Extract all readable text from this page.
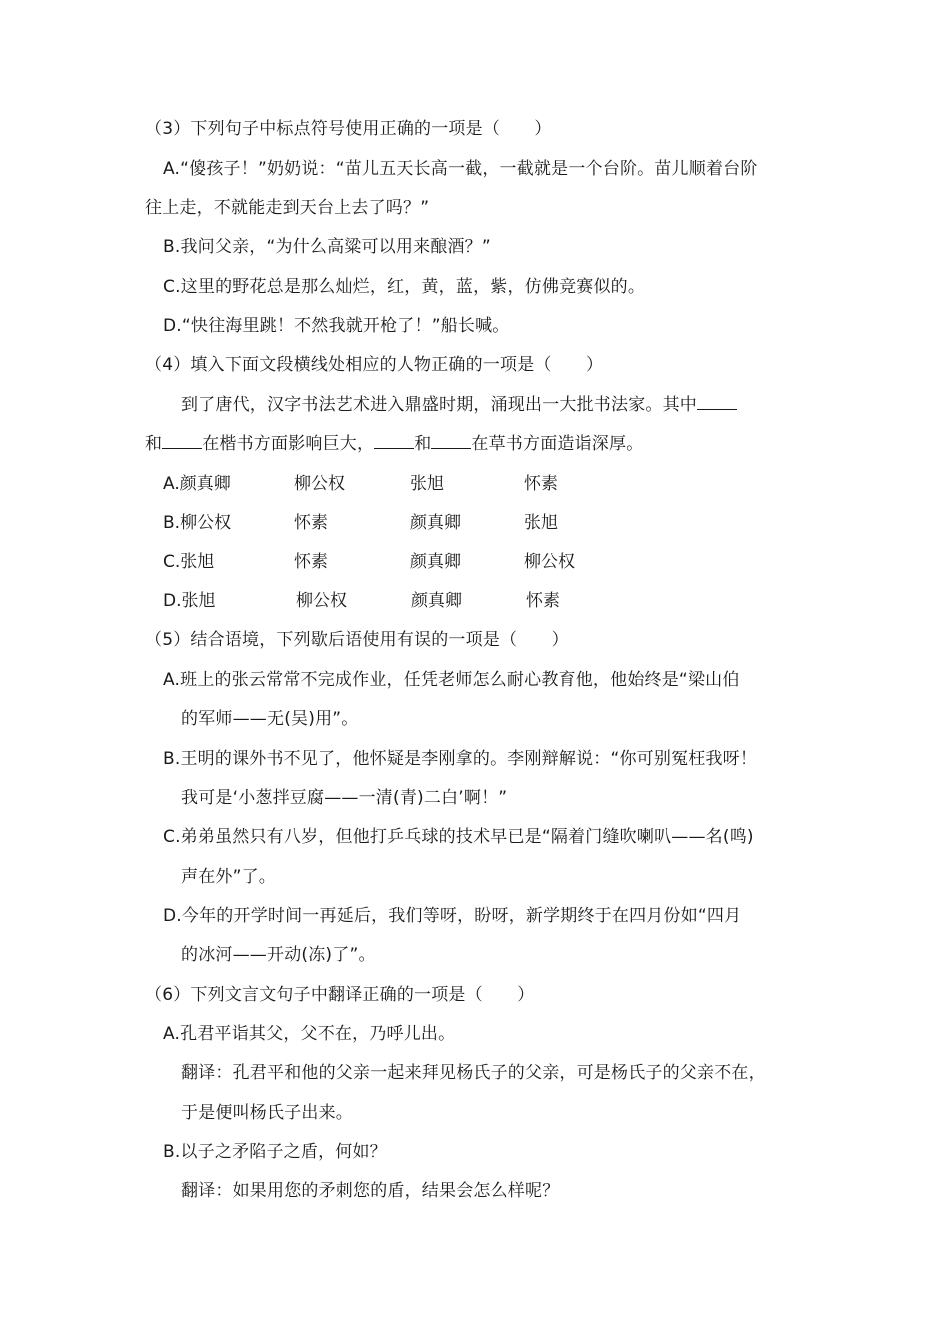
（3）下列句子中标点符号使用正确的一项是（　　）
A.“傻孩子！”奶奶说：“苗儿五天长高一截，一截就是一个台阶。苗儿顺着台阶
往上走，不就能走到天台上去了吗？”
B.我问父亲，“为什么高粱可以用来酿酒？”
C.这里的野花总是那么灿烂，红，黄，蓝，紫，仿佛竞赛似的。
D.“快往海里跳！不然我就开枪了！”船长喊。
（4）填入下面文段横线处相应的人物正确的一项是（　　）
到了唐代，汉字书法艺术进入鼎盛时期，涌现出一大批书法家。其中
和 在楷书方面影响巨大， 和 在草书方面造诣深厚。
A.颜真卿	柳公权	张旭	怀素
B.柳公权	怀素	颜真卿	张旭
C.张旭	怀素	颜真卿	柳公权
D.张旭	柳公权	颜真卿	怀素
（5）结合语境，下列歇后语使用有误的一项是（　　）
A.班上的张云常常不完成作业，任凭老师怎么耐心教育他，他始终是“梁山伯
的军师——无(吴)用”。
B.王明的课外书不见了，他怀疑是李刚拿的。李刚辩解说：“你可别冤枉我呀！
我可是‘小葱拌豆腐——一清(青)二白’啊！”
C.弟弟虽然只有八岁，但他打乒乓球的技术早已是“隔着门缝吹喇叭——名(鸣)
声在外”了。
D.今年的开学时间一再延后，我们等呀，盼呀，新学期终于在四月份如“四月
的冰河——开动(冻)了”。
（6）下列文言文句子中翻译正确的一项是（　　）
A.孔君平诣其父，父不在，乃呼儿出。
翻译：孔君平和他的父亲一起来拜见杨氏子的父亲，可是杨氏子的父亲不在，
于是便叫杨氏子出来。
B.以子之矛陷子之盾，何如？
翻译：如果用您的矛刺您的盾，结果会怎么样呢？
